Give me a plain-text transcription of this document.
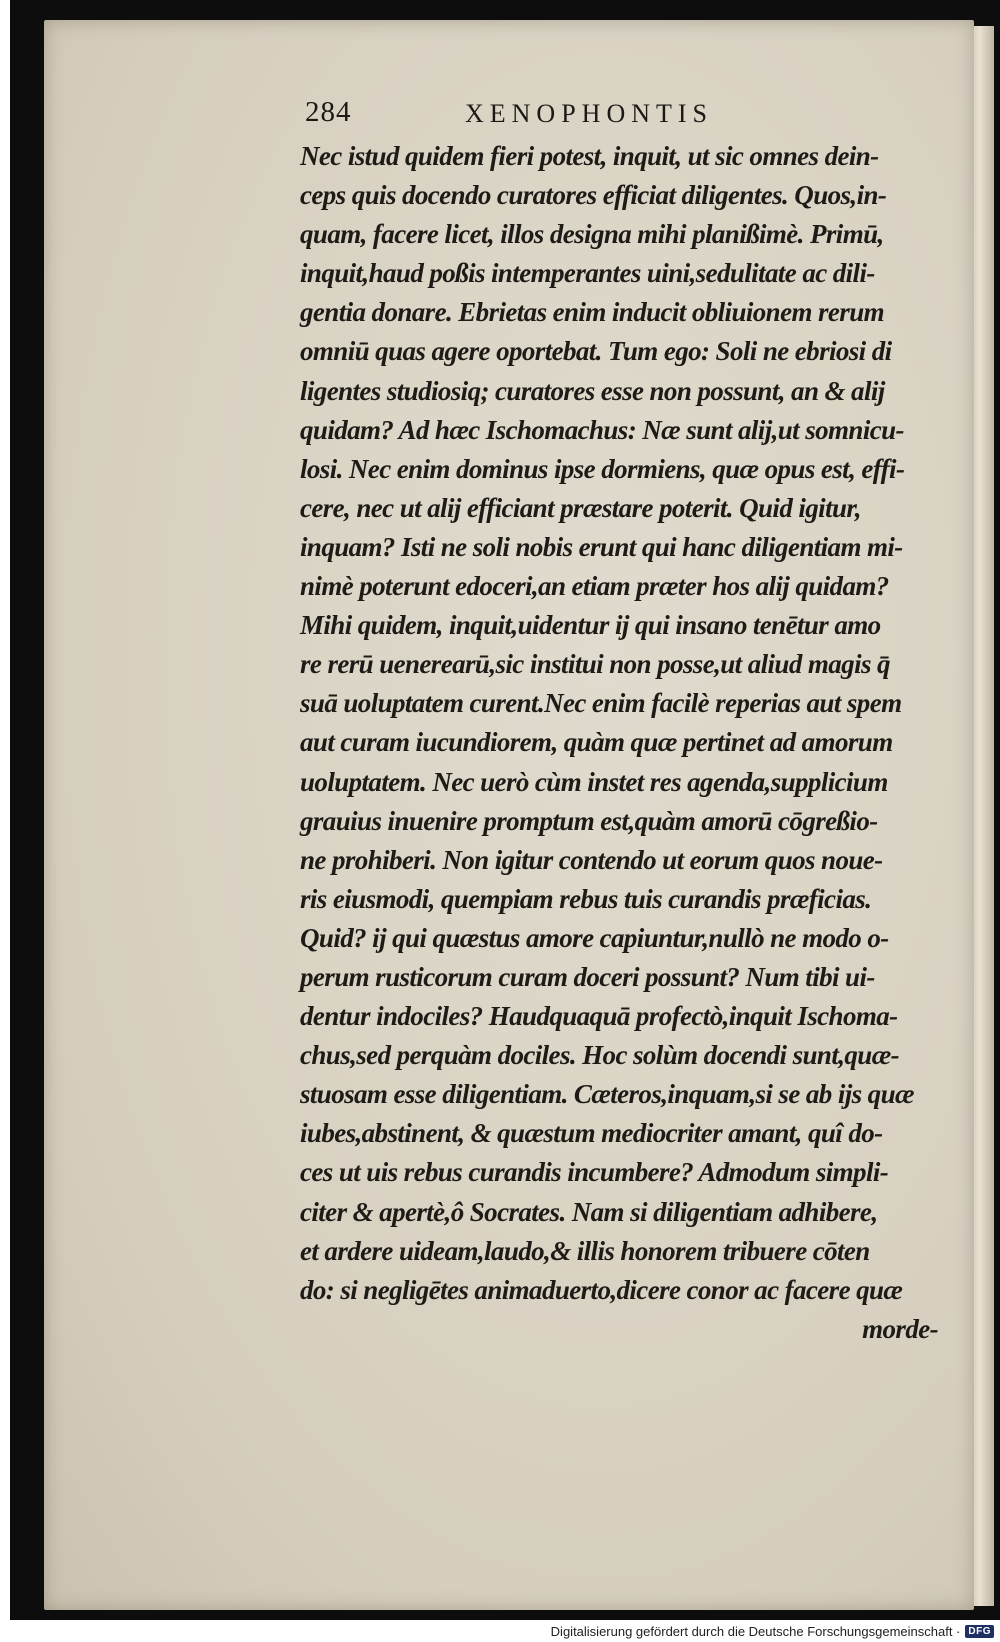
284	XENOPHONTIS
Nec istud quidem fieri potest, inquit, ut sic omnes dein-
ceps quis docendo curatores efficiat diligentes. Quos,in-
quam, facere licet, illos designa mihi planißimè. Primū,
inquit,haud poßis intemperantes uini,sedulitate ac dili-
gentia donare. Ebrietas enim inducit obliuionem rerum
omniū quas agere oportebat. Tum ego: Soli ne ebriosi di
ligentes studiosiq; curatores esse non possunt, an & alij
quidam? Ad hæc Ischomachus: Næ sunt alij,ut somnicu-
losi. Nec enim dominus ipse dormiens, quæ opus est, effi-
cere, nec ut alij efficiant præstare poterit. Quid igitur,
inquam? Isti ne soli nobis erunt qui hanc diligentiam mi-
nimè poterunt edoceri,an etiam præter hos alij quidam?
Mihi quidem, inquit,uidentur ij qui insano tenētur amo
re rerū uenerearū,sic institui non posse,ut aliud magis q̄
suā uoluptatem curent.Nec enim facilè reperias aut spem
aut curam iucundiorem, quàm quæ pertinet ad amorum
uoluptatem. Nec uerò cùm instet res agenda,supplicium
grauius inuenire promptum est,quàm amorū cōgreßio-
ne prohiberi. Non igitur contendo ut eorum quos noue-
ris eiusmodi, quempiam rebus tuis curandis præficias.
Quid? ij qui quæstus amore capiuntur,nullò ne modo o-
perum rusticorum curam doceri possunt? Num tibi ui-
dentur indociles? Haudquaquā profectò,inquit Ischoma-
chus,sed perquàm dociles. Hoc solùm docendi sunt,quæ-
stuosam esse diligentiam. Cæteros,inquam,si se ab ijs quæ
iubes,abstinent, & quæstum mediocriter amant, quî do-
ces ut uis rebus curandis incumbere? Admodum simpli-
citer & apertè,ô Socrates. Nam si diligentiam adhibere,
et ardere uideam,laudo,& illis honorem tribuere cōten
do: si negligētes animaduerto,dicere conor ac facere quæ
morde-
Digitalisierung gefördert durch die Deutsche Forschungsgemeinschaft · DFG
